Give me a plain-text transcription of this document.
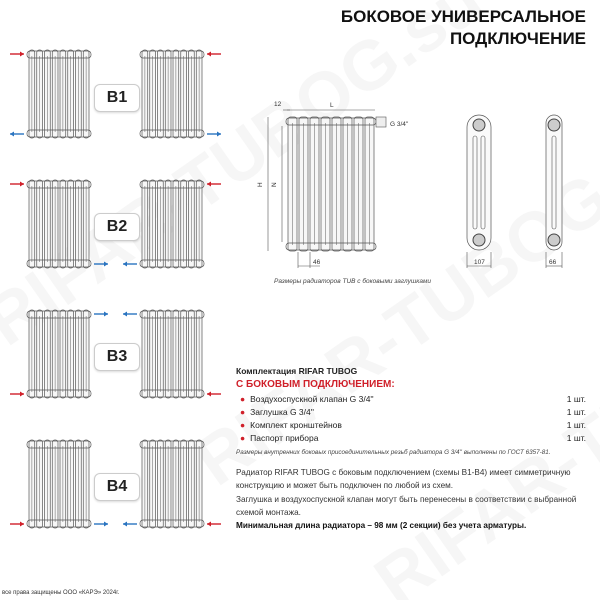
БОКОВОЕ УНИВЕРСАЛЬНОЕ
ПОДКЛЮЧЕНИЕ
L
12
H N
G 3/4''
46	107	66
B1
B2
B3
B4
Размеры радиаторов TUB с боковыми заглушками
Комплектация RIFAR TUBOG
С БОКОВЫМ ПОДКЛЮЧЕНИЕМ:
● Воздухоспускной клапан G 3/4''	1 шт.
● Заглушка G 3/4''	1 шт.
● Комплект кронштейнов	1 шт.
● Паспорт прибора	1 шт.
Размеры внутренних боковых присоединительных резьб радиатора G 3/4'' выполнены по ГОСТ 6357-81.

Радиатор RIFAR TUBOG с боковым подключением (схемы B1-B4) имеет симметричную конструкцию и может быть подключен по любой из схем.

Заглушка и воздухоспускной клапан могут быть перенесены в соответствии с выбранной схемой монтажа.

Минимальная длина радиатора – 98 мм (2 секции) без учета арматуры.

все права защищены ООО «КАРЭ» 2024г.
